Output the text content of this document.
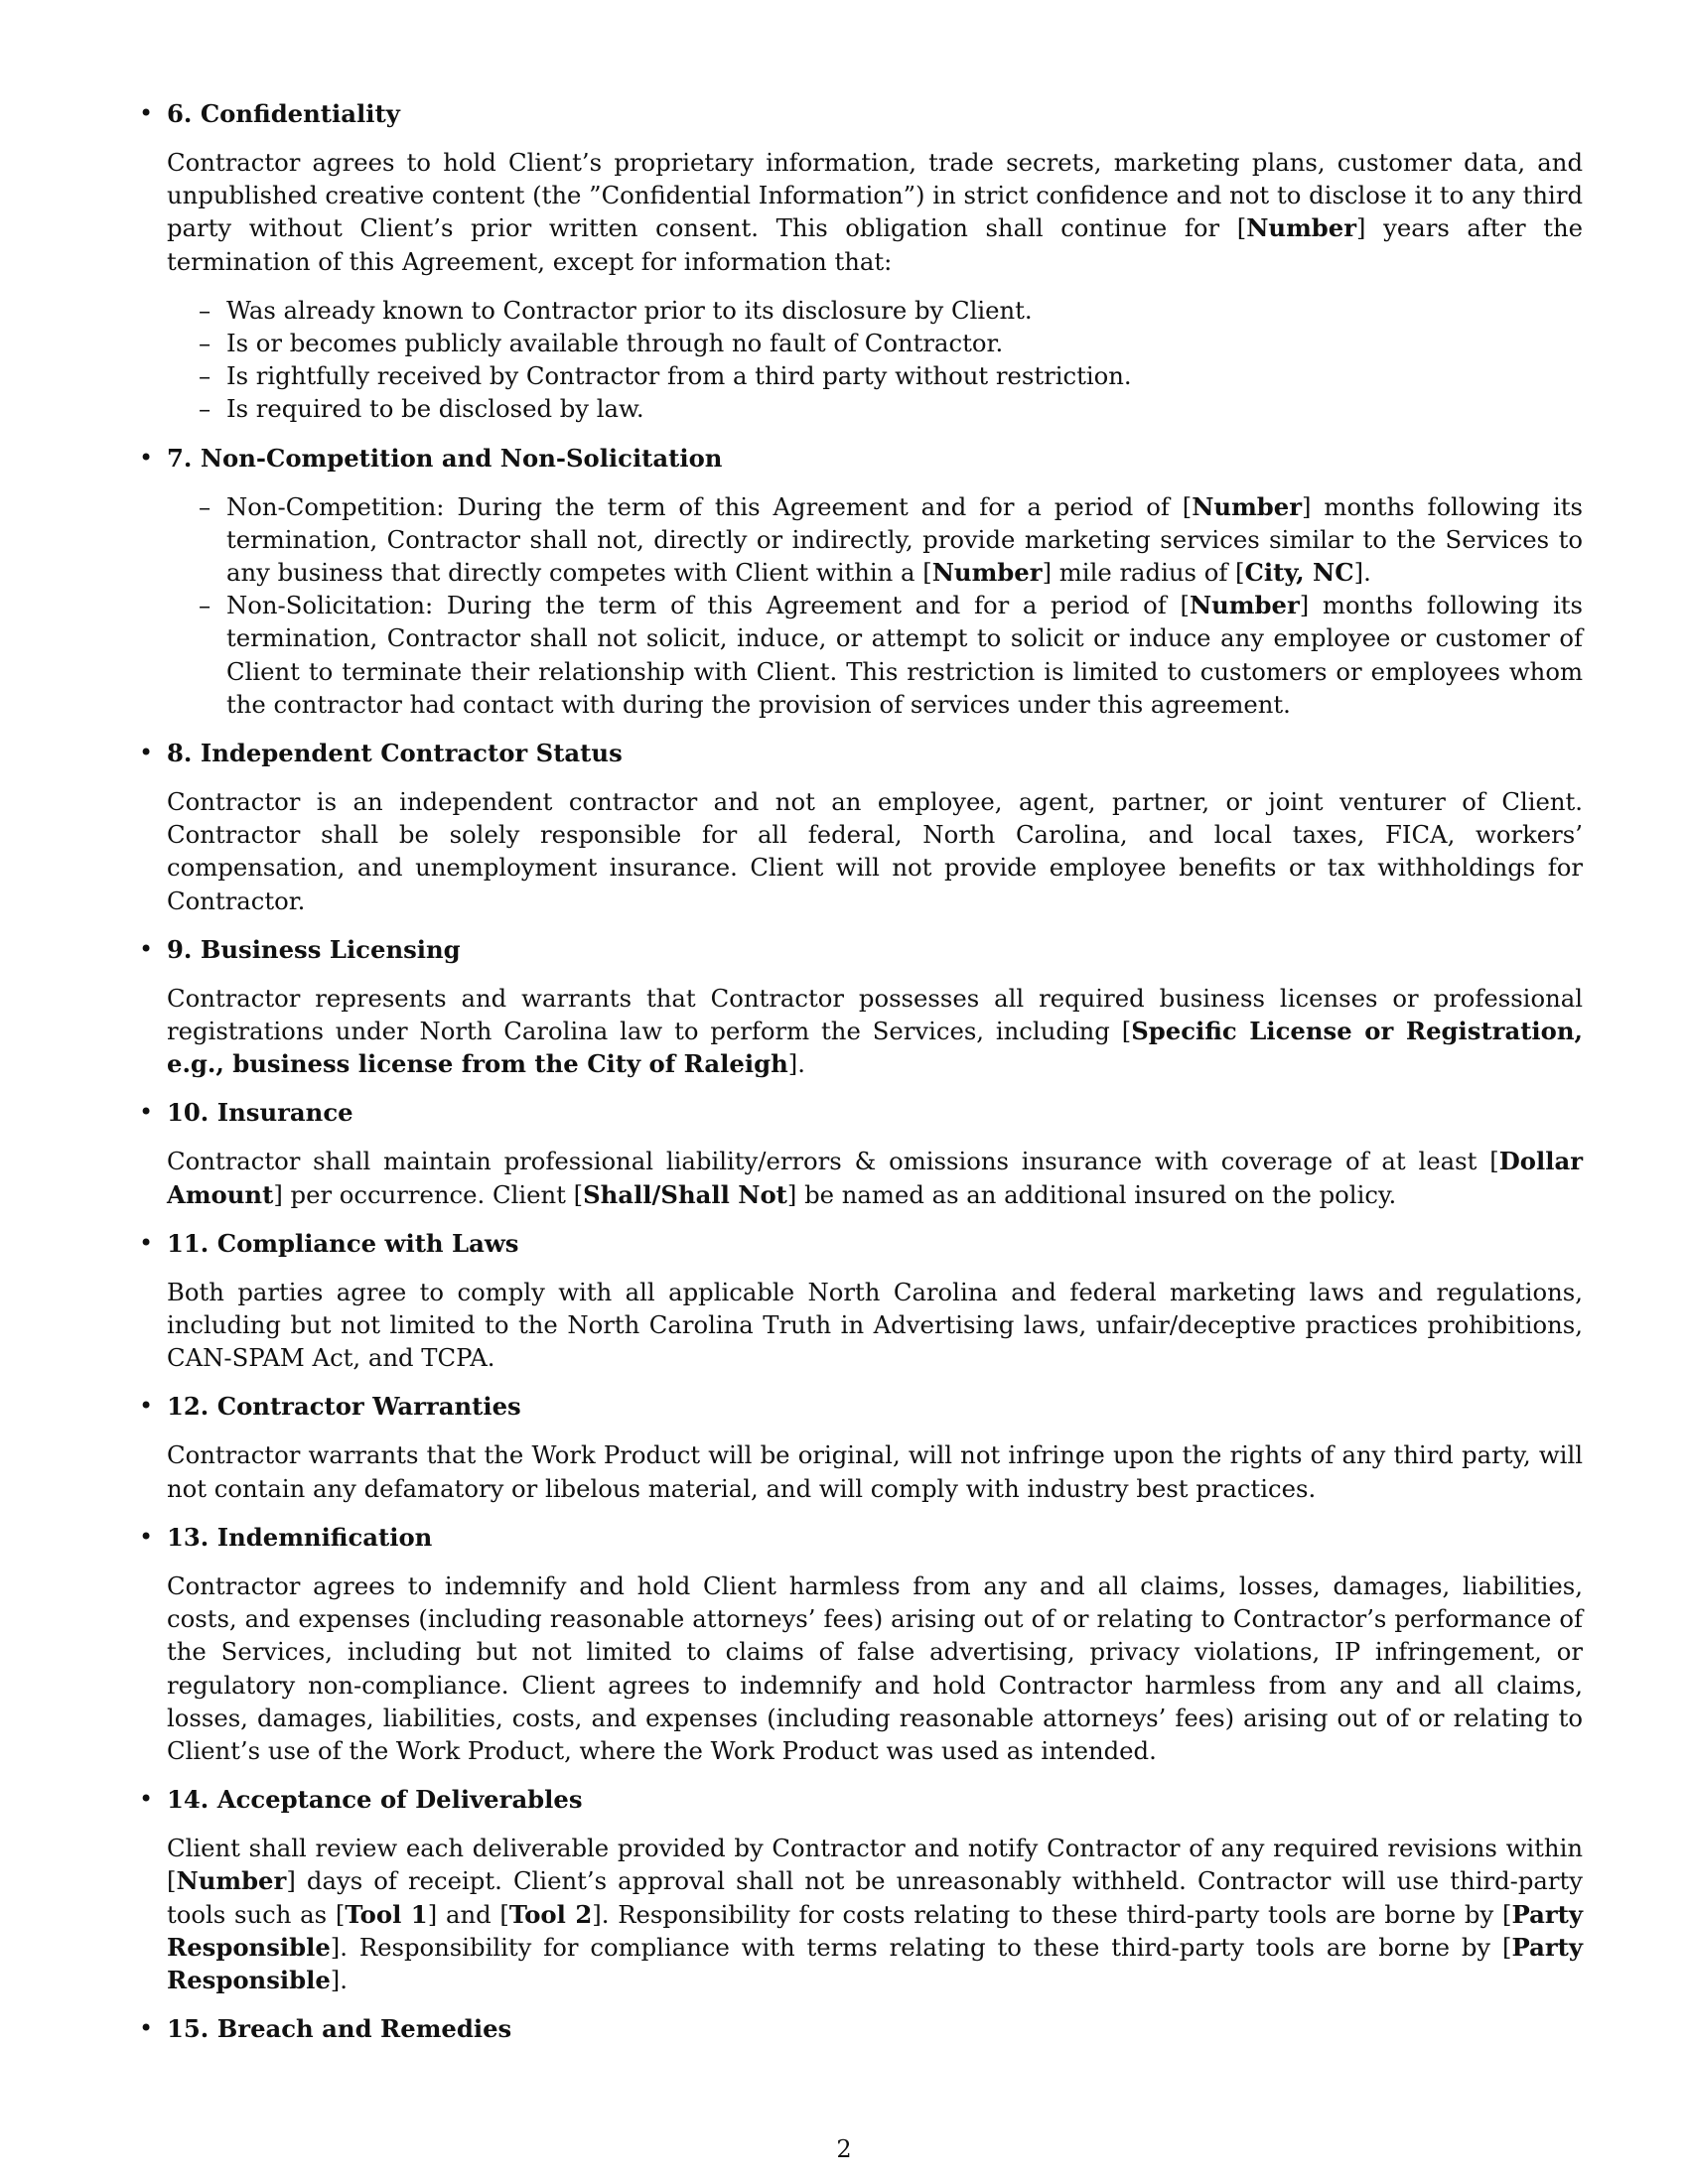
• 6. Confidentiality

Contractor agrees to hold Client’s proprietary information, trade secrets, marketing plans, customer data, and unpublished creative content (the ”Confidential Information”) in strict confidence and not to disclose it to any third party without Client’s prior written consent. This obligation shall continue for [Number] years after the termination of this Agreement, except for information that:

– Was already known to Contractor prior to its disclosure by Client.
– Is or becomes publicly available through no fault of Contractor.
– Is rightfully received by Contractor from a third party without restriction.
– Is required to be disclosed by law.
• 7. Non-Competition and Non-Solicitation
– Non-Competition: During the term of this Agreement and for a period of [Number] months following its termination, Contractor shall not, directly or indirectly, provide marketing services similar to the Services to any business that directly competes with Client within a [Number] mile radius of [City, NC].
– Non-Solicitation: During the term of this Agreement and for a period of [Number] months following its termination, Contractor shall not solicit, induce, or attempt to solicit or induce any employee or customer of Client to terminate their relationship with Client. This restriction is limited to customers or employees whom the contractor had contact with during the provision of services under this agreement.
• 8. Independent Contractor Status

Contractor is an independent contractor and not an employee, agent, partner, or joint venturer of Client. Contractor shall be solely responsible for all federal, North Carolina, and local taxes, FICA, workers’ compensation, and unemployment insurance. Client will not provide employee benefits or tax withholdings for Contractor.

• 9. Business Licensing

Contractor represents and warrants that Contractor possesses all required business licenses or professional registrations under North Carolina law to perform the Services, including [Specific License or Registration, e.g., business license from the City of Raleigh].

• 10. Insurance

Contractor shall maintain professional liability/errors & omissions insurance with coverage of at least [Dollar Amount] per occurrence. Client [Shall/Shall Not] be named as an additional insured on the policy.

• 11. Compliance with Laws

Both parties agree to comply with all applicable North Carolina and federal marketing laws and regulations, including but not limited to the North Carolina Truth in Advertising laws, unfair/deceptive practices prohibitions, CAN-SPAM Act, and TCPA.

• 12. Contractor Warranties

Contractor warrants that the Work Product will be original, will not infringe upon the rights of any third party, will not contain any defamatory or libelous material, and will comply with industry best practices.

• 13. Indemnification

Contractor agrees to indemnify and hold Client harmless from any and all claims, losses, damages, liabilities, costs, and expenses (including reasonable attorneys’ fees) arising out of or relating to Contractor’s performance of the Services, including but not limited to claims of false advertising, privacy violations, IP infringement, or regulatory non-compliance. Client agrees to indemnify and hold Contractor harmless from any and all claims, losses, damages, liabilities, costs, and expenses (including reasonable attorneys’ fees) arising out of or relating to Client’s use of the Work Product, where the Work Product was used as intended.

• 14. Acceptance of Deliverables

Client shall review each deliverable provided by Contractor and notify Contractor of any required revisions within [Number] days of receipt. Client’s approval shall not be unreasonably withheld. Contractor will use third-party tools such as [Tool 1] and [Tool 2]. Responsibility for costs relating to these third-party tools are borne by [Party Responsible]. Responsibility for compliance with terms relating to these third-party tools are borne by [Party Responsible].

• 15. Breach and Remedies
2
